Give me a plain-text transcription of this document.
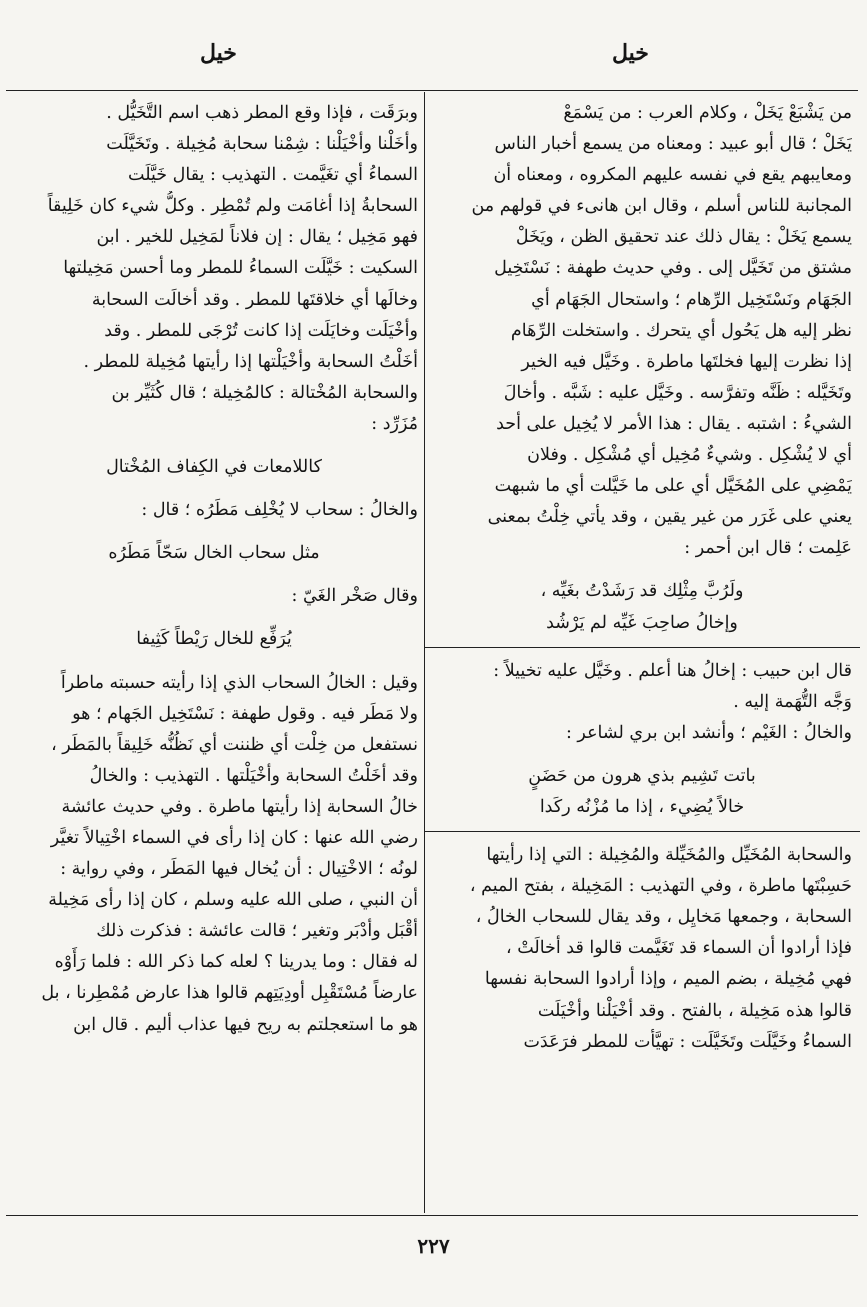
خيل
خيل
من يَشْبَعْ يَخَلْ ، وكلام العرب : من يَسْمَعْ
يَخَلْ ؛ قال أبو عبيد : ومعناه من يسمع أخبار الناس
ومعايبهم يقع في نفسه عليهم المكروه ، ومعناه أن
المجانبة للناس أسلم ، وقال ابن هانىء في قولهم من
يسمع يَخَلْ : يقال ذلك عند تحقيق الظن ، ويَخَلْ
مشتق من تَخَيَّل إلى . وفي حديث طهفة : نَسْتَخِيل
الجَهَام ونَسْتَخِيل الرِّهام ؛ واستحال الجَهَام أي
نظر إليه هل يَحُول أي يتحرك . واستخلت الرِّهَام
إذا نظرت إليها فخلتَها ماطرة . وخَيَّل فيه الخير
وتَخَيَّله : ظَنَّه وتفرَّسه . وخَيَّل عليه : شَبَّه . وأخالَ
الشيءُ : اشتبه . يقال : هذا الأمر لا يُخِيل على أحد
أي لا يُشْكِل . وشيءٌ مُخِيل أي مُشْكِل . وفلان
يَمْضِي على المُخَيَّل أي على ما خَيَّلت أي ما شبهت
يعني على غَرَر من غير يقين ، وقد يأتي خِلْتُ بمعنى
عَلِمت ؛ قال ابن أحمر :
ولَرُبَّ مِثْلِك قد رَشَدْتُ بغَيِّه ،
وإخالُ صاحِبَ غَيِّه لم يَرْشُد
قال ابن حبيب : إخالُ هنا أعلم . وخَيَّل عليه تخييلاً :
وَجَّه التُّهَمة إليه .
والخالُ : الغَيْم ؛ وأنشد ابن بري لشاعر :
باتت تَشِيم بذي هرون من حَضَنٍ
خالاً يُضِيء ، إذا ما مُزْنُه ركَدا
والسحابة المُخَيِّل والمُخَيِّلة والمُخِيلة : التي إذا رأيتها
حَسِبْتَها ماطرة ، وفي التهذيب : المَخِيلة ، بفتح الميم ،
السحابة ، وجمعها مَخايِل ، وقد يقال للسحاب الخالُ ،
فإذا أرادوا أن السماء قد تَغَيَّمت قالوا قد أخالَتْ ،
فهي مُخِيلة ، بضم الميم ، وإذا أرادوا السحابة نفسها
قالوا هذه مَخِيلة ، بالفتح . وقد أخْيَلْنا وأخْيَلَت
السماءُ وخَيَّلَت وتَخَيَّلَت : تهيَّأت للمطر فرَعَدَت
وبرَقَت ، فإذا وقع المطر ذهب اسم التَّخَيُّل .
وأخَلْنا وأخْيَلْنا : شِمْنا سحابة مُخِيلة . وتَخَيَّلَت
السماءُ أي تغَيَّمت . التهذيب : يقال خَيَّلَت
السحابةُ إذا أغامَت ولم تُمْطِر . وكلُّ شيء كان خَلِيقاً
فهو مَخِيل ؛ يقال : إن فلاناً لمَخِيل للخير . ابن
السكيت : خَيَّلَت السماءُ للمطر وما أحسن مَخِيلتها
وخالَها أي خلاقتَها للمطر . وقد أخالَت السحابة
وأخْيَلَت وخايَلَت إذا كانت تُرْجَى للمطر . وقد
أخَلْتُ السحابة وأخْيَلْتها إذا رأيتها مُخِيلة للمطر .
والسحابة المُخْتالة : كالمُخِيلة ؛ قال كُثَيِّر بن
مُزَرِّد :
كاللامعات في الكِفاف المُخْتال
والخالُ : سحاب لا يُخْلِف مَطَرُه ؛ قال :
مثل سحاب الخال سَحّاً مَطَرُه
وقال صَخْر الغَيّ :
يُرَفِّع للخال رَيْطاً كَثِيفا
وقيل : الخالُ السحاب الذي إذا رأيته حسبته ماطراً
ولا مَطَر فيه . وقول طهفة : نَسْتَخِيل الجَهام ؛ هو
نستفعل من خِلْت أي ظننت أي نَظُنُّه خَلِيقاً بالمَطَر ،
وقد أخَلْتُ السحابة وأخْيَلْتها . التهذيب : والخالُ
خالُ السحابة إذا رأيتها ماطرة . وفي حديث عائشة
رضي الله عنها : كان إذا رأى في السماء اخْتِيالاً تغيَّر
لونُه ؛ الاخْتِيال : أن يُخال فيها المَطَر ، وفي رواية :
أن النبي ، صلى الله عليه وسلم ، كان إذا رأى مَخِيلة
أقْبَل وأدْبَر وتغير ؛ قالت عائشة : فذكرت ذلك
له فقال : وما يدرينا ؟ لعله كما ذكر الله : فلما رَأَوْه
عارضاً مُسْتَقْبِل أودِيَتِهم قالوا هذا عارض مُمْطِرنا ، بل
هو ما استعجلتم به ريح فيها عذاب أليم . قال ابن
٢٢٧
